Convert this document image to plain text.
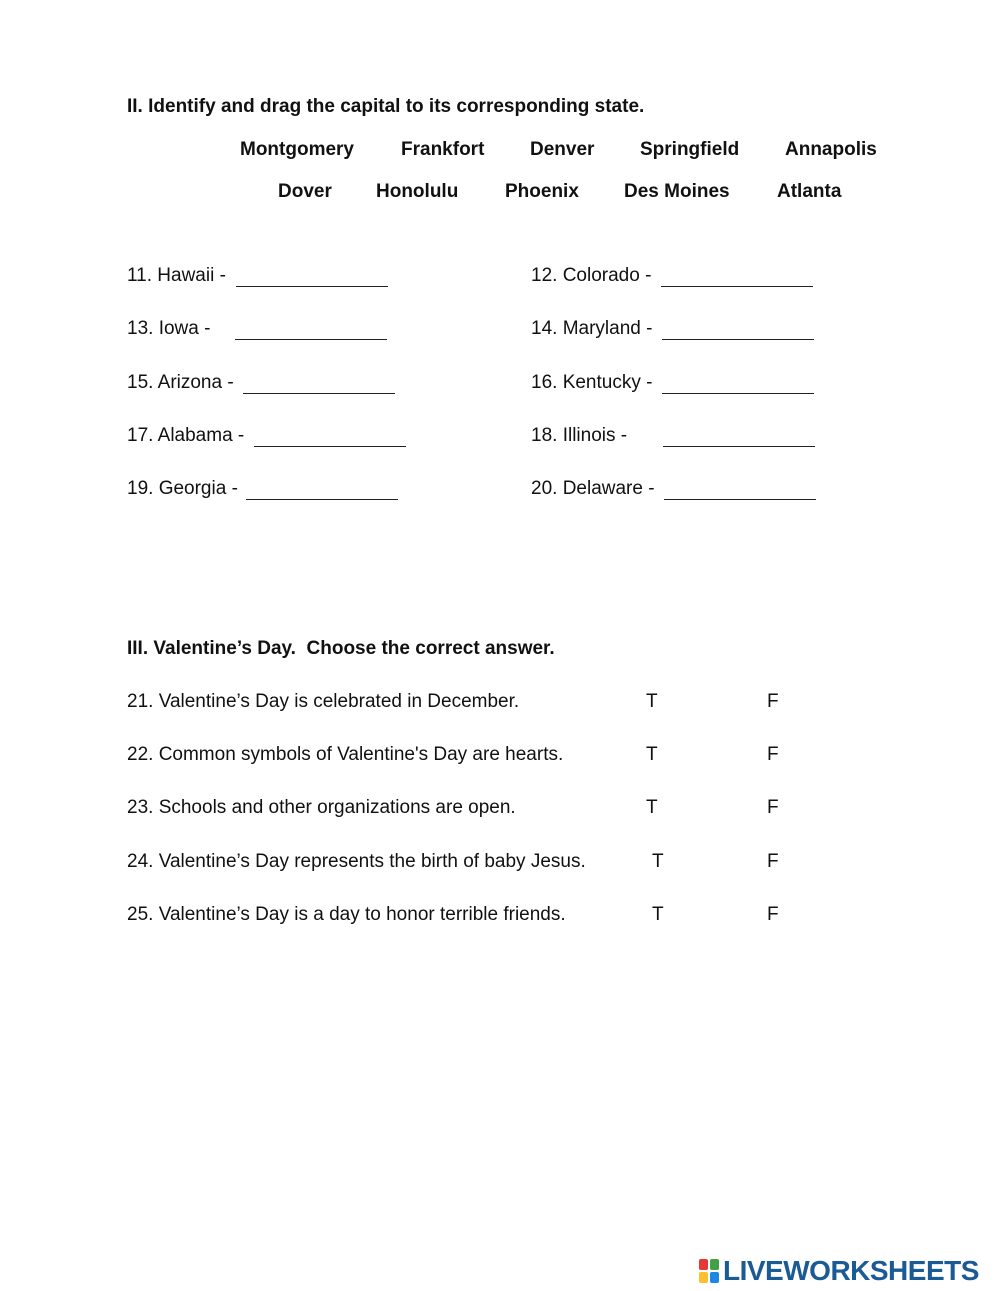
II. Identify and drag the capital to its corresponding state.
Montgomery Frankfort Denver Springfield Annapolis
Dover Honolulu Phoenix Des Moines Atlanta
11. Hawaii -	12. Colorado -
13. Iowa -	14. Maryland -
15. Arizona -	16. Kentucky -
17. Alabama -	18. Illinois -
19. Georgia -	20. Delaware -
III. Valentine’s Day.  Choose the correct answer.
21. Valentine’s Day is celebrated in December.	T	F
22. Common symbols of Valentine's Day are hearts.	T	F
23. Schools and other organizations are open.	T	F
24. Valentine’s Day represents the birth of baby Jesus.	T	F
25. Valentine’s Day is a day to honor terrible friends.	T	F
LIVEWORKSHEETS
